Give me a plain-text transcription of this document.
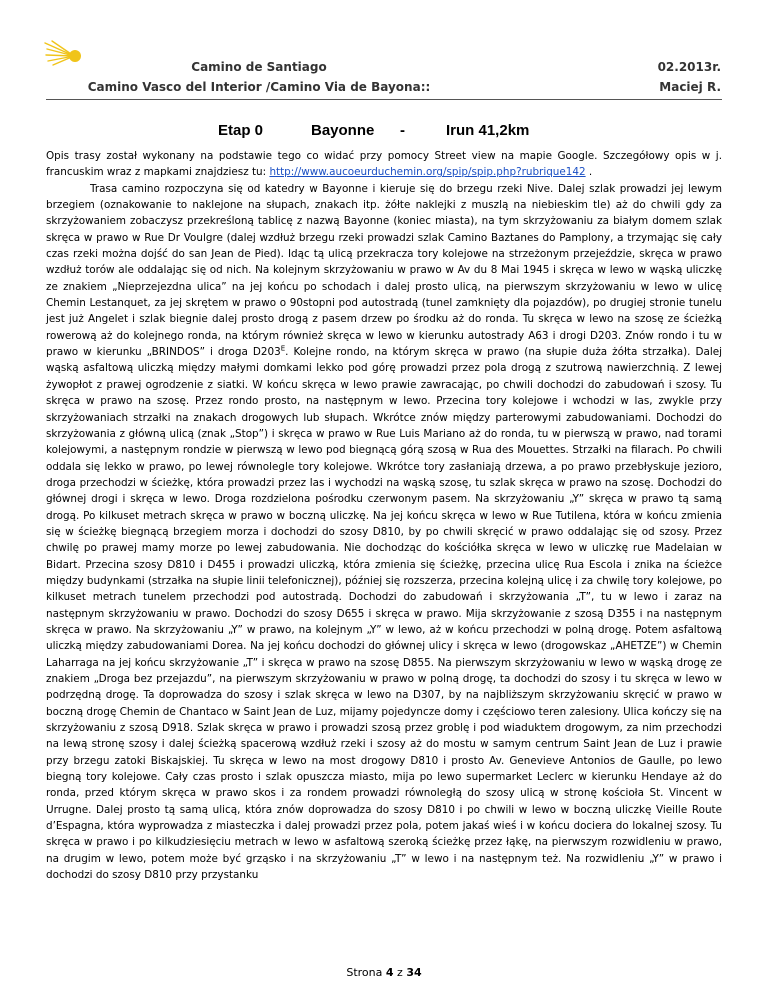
Camino de Santiago
Camino Vasco del Interior /Camino Via de Bayona::
02.2013r.
Maciej R.
Etap 0	Bayonne -	Irun 41,2km

Opis trasy został wykonany na podstawie tego co widać przy pomocy Street view na mapie Google. Szczegółowy opis w j. francuskim wraz z mapkami znajdziesz tu: http://www.aucoeurduchemin.org/spip/spip.php?rubrique142 .

Trasa camino rozpoczyna się od katedry w Bayonne i kieruje się do brzegu rzeki Nive. Dalej szlak prowadzi jej lewym brzegiem (oznakowanie to naklejone na słupach, znakach itp. żółte naklejki z muszlą na niebieskim tle) aż do chwili gdy za skrzyżowaniem zobaczysz przekreśloną tablicę z nazwą Bayonne (koniec miasta), na tym skrzyżowaniu za białym domem szlak skręca w prawo w Rue Dr Voulgre (dalej wzdłuż brzegu rzeki prowadzi szlak Camino Baztanes do Pamplony, a trzymając się cały czas rzeki można dojść do san Jean de Pied). Idąc tą ulicą przekracza tory kolejowe na strzeżonym przejeździe, skręca w prawo wzdłuż torów ale oddalając się od nich. Na kolejnym skrzyżowaniu w prawo w Av du 8 Mai 1945 i skręca w lewo w wąską uliczkę ze znakiem „Nieprzejezdna ulica” na jej końcu po schodach i dalej prosto ulicą, na pierwszym skrzyżowaniu w lewo w ulicę Chemin Lestanquet, za jej skrętem w prawo o 90stopni pod autostradą (tunel zamknięty dla pojazdów), po drugiej stronie tunelu jest już Angelet i szlak biegnie dalej prosto drogą z pasem drzew po środku aż do ronda. Tu skręca w lewo na szosę ze ścieżką rowerową aż do kolejnego ronda, na którym również skręca w lewo w kierunku autostrady A63 i drogi D203. Znów rondo i tu w prawo w kierunku „BRINDOS” i droga $D203^E$. Kolejne rondo, na którym skręca w prawo (na słupie duża żółta strzałka). Dalej wąską asfaltową uliczką między małymi domkami lekko pod górę prowadzi przez pola drogą z szutrową nawierzchnią. Z lewej żywopłot z prawej ogrodzenie z siatki. W końcu skręca w lewo prawie zawracając, po chwili dochodzi do zabudowań i szosy. Tu skręca w prawo na szosę. Przez rondo prosto, na następnym w lewo. Przecina tory kolejowe i wchodzi w las, zwykle przy skrzyżowaniach strzałki na znakach drogowych lub słupach. Wkrótce znów między parterowymi zabudowaniami. Dochodzi do skrzyżowania z główną ulicą (znak „Stop”) i skręca w prawo w Rue Luis Mariano aż do ronda, tu w pierwszą w prawo, nad torami kolejowymi, a następnym rondzie w pierwszą w lewo pod biegnącą górą szosą w Rua des Mouettes. Strzałki na filarach. Po chwili oddala się lekko w prawo, po lewej równolegle tory kolejowe. Wkrótce tory zasłaniają drzewa, a po prawo przebłyskuje jezioro, droga przechodzi w ścieżkę, która prowadzi przez las i wychodzi na wąską szosę, tu szlak skręca w prawo na szosę. Dochodzi do głównej drogi i skręca w lewo. Droga rozdzielona pośrodku czerwonym pasem. Na skrzyżowaniu „Y” skręca w prawo tą samą drogą. Po kilkuset metrach skręca w prawo w boczną uliczkę. Na jej końcu skręca w lewo w Rue Tutilena, która w końcu zmienia się w ścieżkę biegnącą brzegiem morza i dochodzi do szosy D810, by po chwili skręcić w prawo oddalając się od szosy. Przez chwilę po prawej mamy morze po lewej zabudowania. Nie dochodząc do kościółka skręca w lewo w uliczkę rue Madelaian w Bidart. Przecina szosy D810 i D455 i prowadzi uliczką, która zmienia się ścieżkę, przecina ulicę Rua Escola i znika na ścieżce między budynkami (strzałka na słupie linii telefonicznej), później się rozszerza, przecina kolejną ulicę i za chwilę tory kolejowe, po kilkuset metrach tunelem przechodzi pod autostradą. Dochodzi do zabudowań i skrzyżowania „T”, tu w lewo i zaraz na następnym skrzyżowaniu w prawo. Dochodzi do szosy D655 i skręca w prawo. Mija skrzyżowanie z szosą D355 i na następnym skręca w prawo. Na skrzyżowaniu „Y” w prawo, na kolejnym „Y” w lewo, aż w końcu przechodzi w polną drogę. Potem asfaltową uliczką między zabudowaniami Dorea. Na jej końcu dochodzi do głównej ulicy i skręca w lewo (drogowskaz „AHETZE”) w Chemin Laharraga na jej końcu skrzyżowanie „T” i skręca w prawo na szosę D855. Na pierwszym skrzyżowaniu w lewo w wąską drogę ze znakiem „Droga bez przejazdu”, na pierwszym skrzyżowaniu w prawo w polną drogę, ta dochodzi do szosy i tu skręca w lewo w podrzędną drogę. Ta doprowadza do szosy i szlak skręca w lewo na D307, by na najbliższym skrzyżowaniu skręcić w prawo w boczną drogę Chemin de Chantaco w Saint Jean de Luz, mijamy pojedyncze domy i częściowo teren zalesiony. Ulica kończy się na skrzyżowaniu z szosą D918. Szlak skręca w prawo i prowadzi szosą przez groblę i pod wiaduktem drogowym, za nim przechodzi na lewą stronę szosy i dalej ścieżką spacerową wzdłuż rzeki i szosy aż do mostu w samym centrum Saint Jean de Luz i prawie przy brzegu zatoki Biskajskiej. Tu skręca w lewo na most drogowy D810 i prosto Av. Genevieve Antonios de Gaulle, po lewo biegną tory kolejowe. Cały czas prosto i szlak opuszcza miasto, mija po lewo supermarket Leclerc w kierunku Hendaye aż do ronda, przed którym skręca w prawo skos i za rondem prowadzi równoległą do szosy ulicą w stronę kościoła St. Vincent w Urrugne. Dalej prosto tą samą ulicą, która znów doprowadza do szosy D810 i po chwili w lewo w boczną uliczkę Vieille Route d’Espagna, która wyprowadza z miasteczka i dalej prowadzi przez pola, potem jakaś wieś i w końcu dociera do lokalnej szosy. Tu skręca w prawo i po kilkudziesięciu metrach w lewo w asfaltową szeroką ścieżkę przez łąkę, na pierwszym rozwidleniu w prawo, na drugim w lewo, potem może być grząsko i na skrzyżowaniu „T” w lewo i na następnym też. Na rozwidleniu „Y” w prawo i dochodzi do szosy D810 przy przystanku

Strona 4 z 34
